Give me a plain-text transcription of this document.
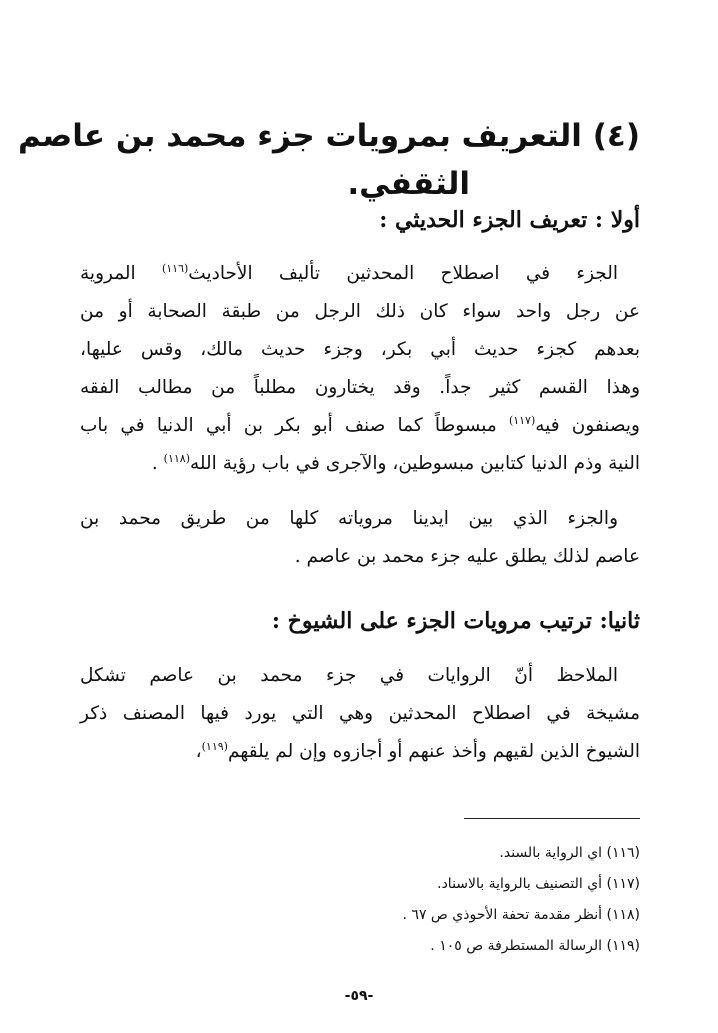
(٤) التعريف بمرويات جزء محمد بن عاصم
الثقفي.
أولا : تعريف الجزء الحديثي :

الجزء في اصطلاح المحدثين تأليف الأحاديث$^{(١١٦)}$ المروية
عن رجل واحد سواء كان ذلك الرجل من طبقة الصحابة أو من
بعدهم كجزء حديث أبي بكر، وجزء حديث مالك، وقس عليها،
وهذا القسم كثير جداً. وقد يختارون مطلباً من مطالب الفقه
ويصنفون فيه$^{(١١٧)}$ مبسوطاً كما صنف أبو بكر بن أبي الدنيا في باب
النية وذم الدنيا كتابين مبسوطين، والآجرى في باب رؤية الله$^{(١١٨)}$ .

والجزء الذي بين ايدينا مروياته كلها من طريق محمد بن
عاصم لذلك يطلق عليه جزء محمد بن عاصم .

ثانيا: ترتيب مرويات الجزء على الشيوخ :

الملاحظ أنّ الروايات في جزء محمد بن عاصم تشكل
مشيخة في اصطلاح المحدثين وهي التي يورد فيها المصنف ذكر
الشيوخ الذين لقيهم وأخذ عنهم أو أجازوه وإن لم يلقهم$^{(١١٩)}$،

(١١٦) اي الرواية بالسند.
(١١٧) أي التصنيف بالرواية بالاسناد.
(١١٨) أنظر مقدمة تحفة الأحوذي ص ٦٧ .
(١١٩) الرسالة المستطرفة ص ١٠٥ .
-٥٩-
